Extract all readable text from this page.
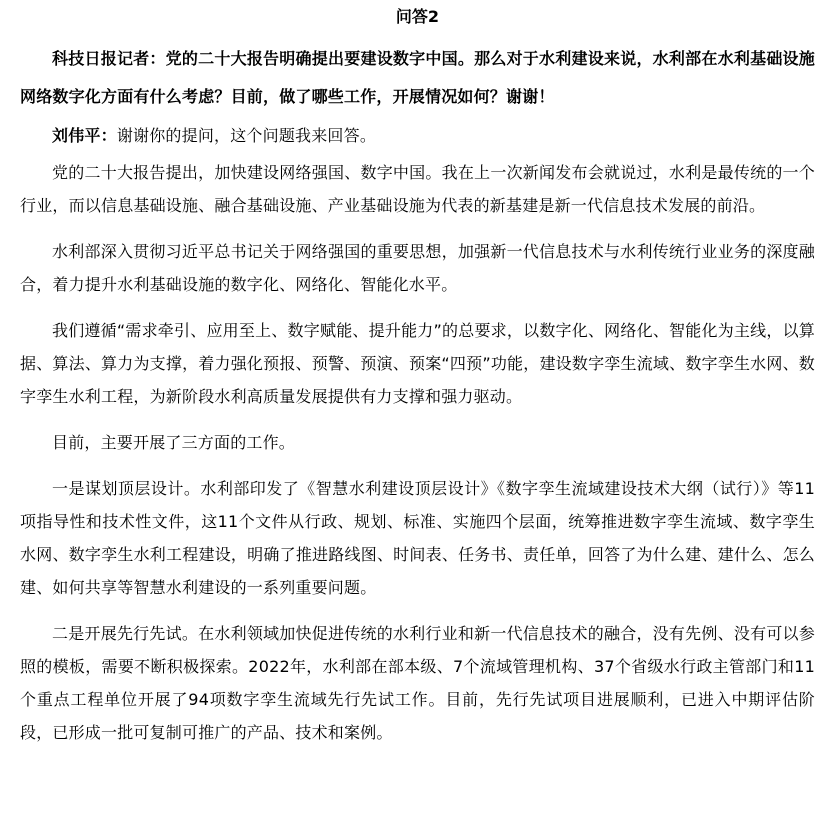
问答2

科技日报记者：党的二十大报告明确提出要建设数字中国。那么对于水利建设来说，水利部在水利基础设施网络数字化方面有什么考虑？目前，做了哪些工作，开展情况如何？谢谢！

刘伟平：谢谢你的提问，这个问题我来回答。

党的二十大报告提出，加快建设网络强国、数字中国。我在上一次新闻发布会就说过，水利是最传统的一个行业，而以信息基础设施、融合基础设施、产业基础设施为代表的新基建是新一代信息技术发展的前沿。

水利部深入贯彻习近平总书记关于网络强国的重要思想，加强新一代信息技术与水利传统行业业务的深度融合，着力提升水利基础设施的数字化、网络化、智能化水平。

我们遵循“需求牵引、应用至上、数字赋能、提升能力”的总要求，以数字化、网络化、智能化为主线，以算据、算法、算力为支撑，着力强化预报、预警、预演、预案“四预”功能，建设数字孪生流域、数字孪生水网、数字孪生水利工程，为新阶段水利高质量发展提供有力支撑和强力驱动。

目前，主要开展了三方面的工作。

一是谋划顶层设计。水利部印发了《智慧水利建设顶层设计》《数字孪生流域建设技术大纲（试行）》等11项指导性和技术性文件，这11个文件从行政、规划、标准、实施四个层面，统筹推进数字孪生流域、数字孪生水网、数字孪生水利工程建设，明确了推进路线图、时间表、任务书、责任单，回答了为什么建、建什么、怎么建、如何共享等智慧水利建设的一系列重要问题。

二是开展先行先试。在水利领域加快促进传统的水利行业和新一代信息技术的融合，没有先例、没有可以参照的模板，需要不断积极探索。2022年，水利部在部本级、7个流域管理机构、37个省级水行政主管部门和11个重点工程单位开展了94项数字孪生流域先行先试工作。目前，先行先试项目进展顺利，已进入中期评估阶段，已形成一批可复制可推广的产品、技术和案例。
